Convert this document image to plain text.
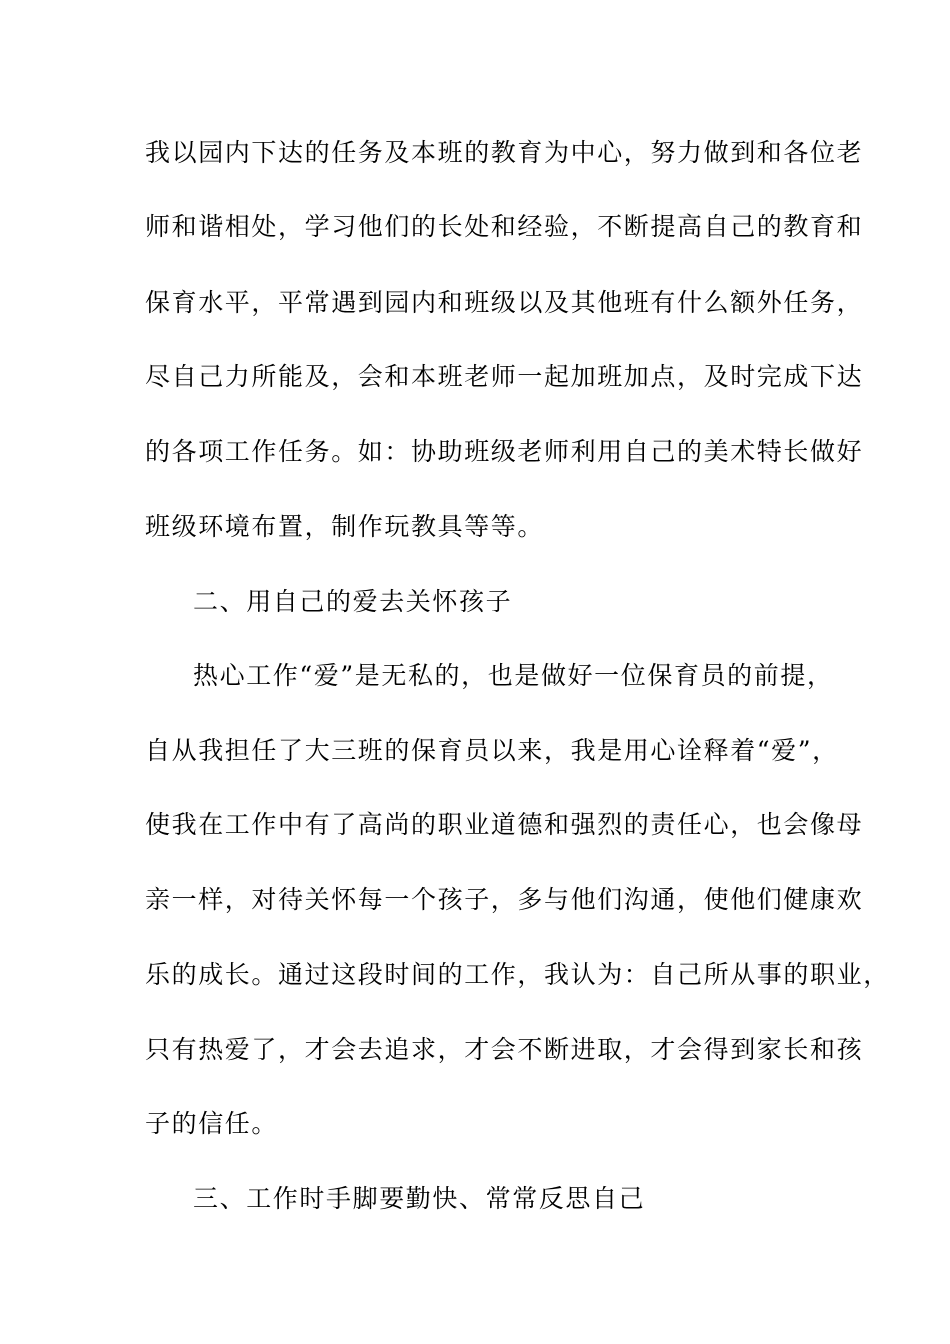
我以园内下达的任务及本班的教育为中心，努力做到和各位老
师和谐相处，学习他们的长处和经验，不断提高自己的教育和
保育水平，平常遇到园内和班级以及其他班有什么额外任务，
尽自己力所能及，会和本班老师一起加班加点，及时完成下达
的各项工作任务。如：协助班级老师利用自己的美术特长做好
班级环境布置，制作玩教具等等。
二、用自己的爱去关怀孩子
热心工作“爱”是无私的，也是做好一位保育员的前提，
自从我担任了大三班的保育员以来，我是用心诠释着“爱”，
使我在工作中有了高尚的职业道德和强烈的责任心，也会像母
亲一样，对待关怀每一个孩子，多与他们沟通，使他们健康欢
乐的成长。通过这段时间的工作，我认为：自己所从事的职业，
只有热爱了，才会去追求，才会不断进取，才会得到家长和孩
子的信任。
三、工作时手脚要勤快、常常反思自己
